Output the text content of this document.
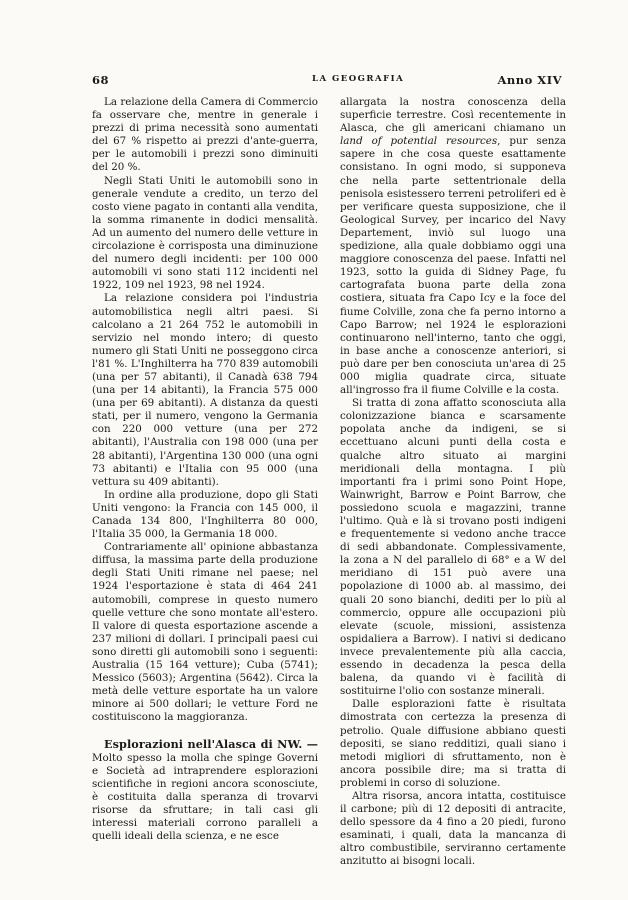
68	LA GEOGRAFIA	Anno XIV

La relazione della Camera di Commercio fa osservare che, mentre in generale i prezzi di prima necessità sono aumentati del 67 % rispetto ai prezzi d'ante-guerra, per le automobili i prezzi sono diminuiti del 20 %.

Negli Stati Uniti le automobili sono in generale vendute a credito, un terzo del costo viene pagato in contanti alla vendita, la somma rimanente in dodici mensalità. Ad un aumento del numero delle vetture in circolazione è corrisposta una diminuzione del numero degli incidenti: per 100 000 automobili vi sono stati 112 incidenti nel 1922, 109 nel 1923, 98 nel 1924.

La relazione considera poi l'industria automobilistica negli altri paesi. Si calcolano a 21 264 752 le automobili in servizio nel mondo intero; di questo numero gli Stati Uniti ne posseggono circa l'81 %. L'Inghilterra ha 770 839 automobili (una per 57 abitanti), il Canadà 638 794 (una per 14 abitanti), la Francia 575 000 (una per 69 abitanti). A distanza da questi stati, per il numero, vengono la Germania con 220 000 vetture (una per 272 abitanti), l'Australia con 198 000 (una per 28 abitanti), l'Argentina 130 000 (una ogni 73 abitanti) e l'Italia con 95 000 (una vettura su 409 abitanti).

In ordine alla produzione, dopo gli Stati Uniti vengono: la Francia con 145 000, il Canada 134 800, l'Inghilterra 80 000, l'Italia 35 000, la Germania 18 000.

Contrariamente all' opinione abbastanza diffusa, la massima parte della produzione degli Stati Uniti rimane nel paese; nel 1924 l'esportazione è stata di 464 241 automobili, comprese in questo numero quelle vetture che sono montate all'estero. Il valore di questa esportazione ascende a 237 milioni di dollari. I principali paesi cui sono diretti gli automobili sono i seguenti: Australia (15 164 vetture); Cuba (5741); Messico (5603); Argentina (5642). Circa la metà delle vetture esportate ha un valore minore ai 500 dollari; le vetture Ford ne costituiscono la maggioranza.

Esplorazioni nell'Alasca di NW. — Molto spesso la molla che spinge Governi e Società ad intraprendere esplorazioni scientifiche in regioni ancora sconosciute, è costituita dalla speranza di trovarvi risorse da sfruttare; in tali casi gli interessi materiali corrono paralleli a quelli ideali della scienza, e ne esce

allargata la nostra conoscenza della superficie terrestre. Così recentemente in Alasca, che gli americani chiamano un land of potential resources, pur senza sapere in che cosa queste esattamente consistano. In ogni modo, si supponeva che nella parte settentrionale della penisola esistessero terreni petroliferi ed è per verificare questa supposizione, che il Geological Survey, per incarico del Navy Departement, inviò sul luogo una spedizione, alla quale dobbiamo oggi una maggiore conoscenza del paese. Infatti nel 1923, sotto la guida di Sidney Page, fu cartografata buona parte della zona costiera, situata fra Capo Icy e la foce del fiume Colville, zona che fa perno intorno a Capo Barrow; nel 1924 le esplorazioni continuarono nell'interno, tanto che oggi, in base anche a conoscenze anteriori, si può dare per ben conosciuta un'area di 25 000 miglia quadrate circa, situate all'ingrosso fra il fiume Colville e la costa.

Si tratta di zona affatto sconosciuta alla colonizzazione bianca e scarsamente popolata anche da indigeni, se si eccettuano alcuni punti della costa e qualche altro situato ai margini meridionali della montagna. I più importanti fra i primi sono Point Hope, Wainwright, Barrow e Point Barrow, che possiedono scuola e magazzini, tranne l'ultimo. Quà e là si trovano posti indigeni e frequentemente si vedono anche tracce di sedi abbandonate. Complessivamente, la zona a N del parallelo di 68° e a W del meridiano di 151 può avere una popolazione di 1000 ab. al massimo, dei quali 20 sono bianchi, dediti per lo più al commercio, oppure alle occupazioni più elevate (scuole, missioni, assistenza ospidaliera a Barrow). I nativi si dedicano invece prevalentemente più alla caccia, essendo in decadenza la pesca della balena, da quando vi è facilità di sostituirne l'olio con sostanze minerali.

Dalle esplorazioni fatte è risultata dimostrata con certezza la presenza di petrolio. Quale diffusione abbiano questi depositi, se siano redditizi, quali siano i metodi migliori di sfruttamento, non è ancora possibile dire; ma si tratta di problemi in corso di soluzione.

Altra risorsa, ancora intatta, costituisce il carbone; più di 12 depositi di antracite, dello spessore da 4 fino a 20 piedi, furono esaminati, i quali, data la mancanza di altro combustibile, serviranno certamente anzitutto ai bisogni locali.
